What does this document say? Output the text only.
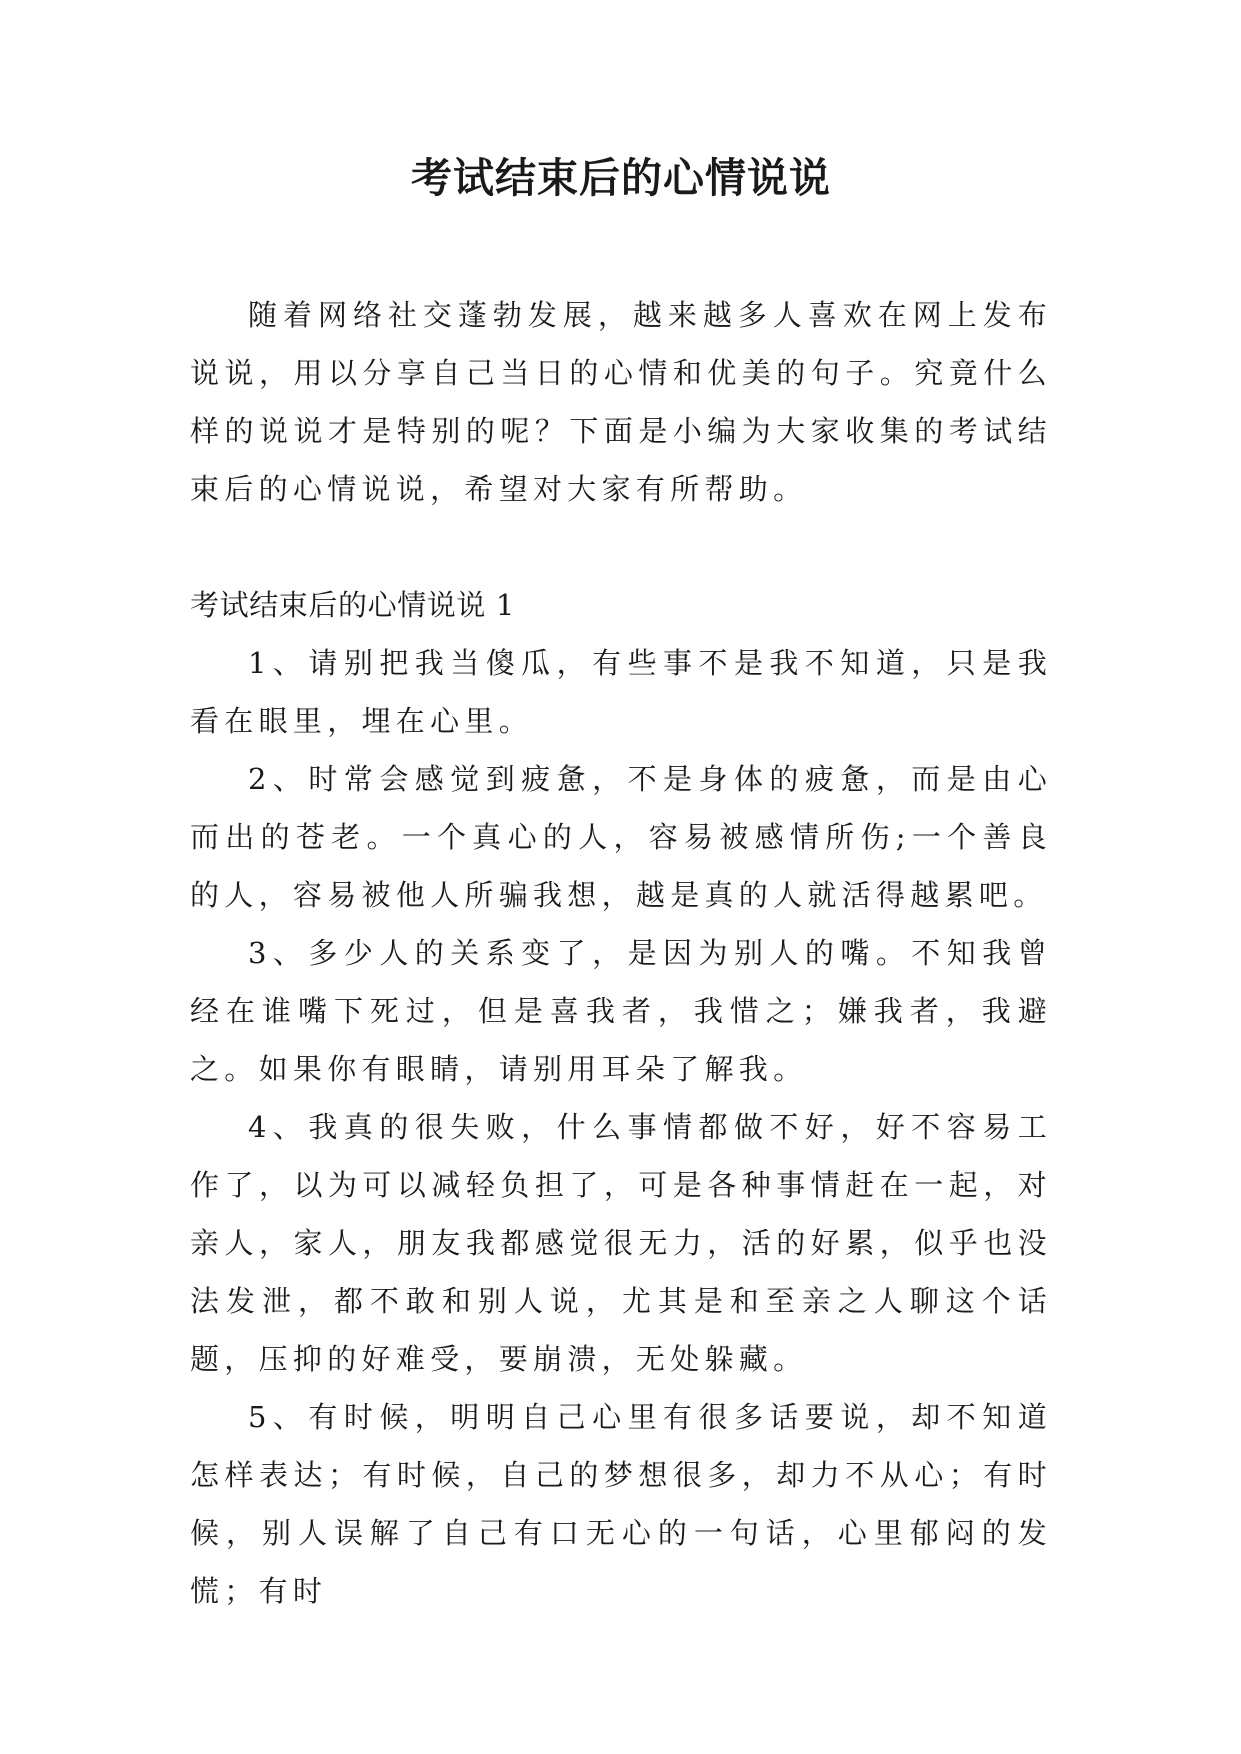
考试结束后的心情说说

随着网络社交蓬勃发展，越来越多人喜欢在网上发布说说，用以分享自己当日的心情和优美的句子。究竟什么样的说说才是特别的呢？下面是小编为大家收集的考试结束后的心情说说，希望对大家有所帮助。

考试结束后的心情说说 1

1、请别把我当傻瓜，有些事不是我不知道，只是我看在眼里，埋在心里。

2、时常会感觉到疲惫，不是身体的疲惫，而是由心而出的苍老。一个真心的人，容易被感情所伤;一个善良的人，容易被他人所骗我想，越是真的人就活得越累吧。

3、多少人的关系变了，是因为别人的嘴。不知我曾经在谁嘴下死过，但是喜我者，我惜之；嫌我者，我避之。如果你有眼睛，请别用耳朵了解我。

4、我真的很失败，什么事情都做不好，好不容易工作了，以为可以减轻负担了，可是各种事情赶在一起，对亲人，家人，朋友我都感觉很无力，活的好累，似乎也没法发泄，都不敢和别人说，尤其是和至亲之人聊这个话题，压抑的好难受，要崩溃，无处躲藏。

5、有时候，明明自己心里有很多话要说，却不知道怎样表达；有时候，自己的梦想很多，却力不从心；有时候，别人误解了自己有口无心的一句话，心里郁闷的发慌；有时
